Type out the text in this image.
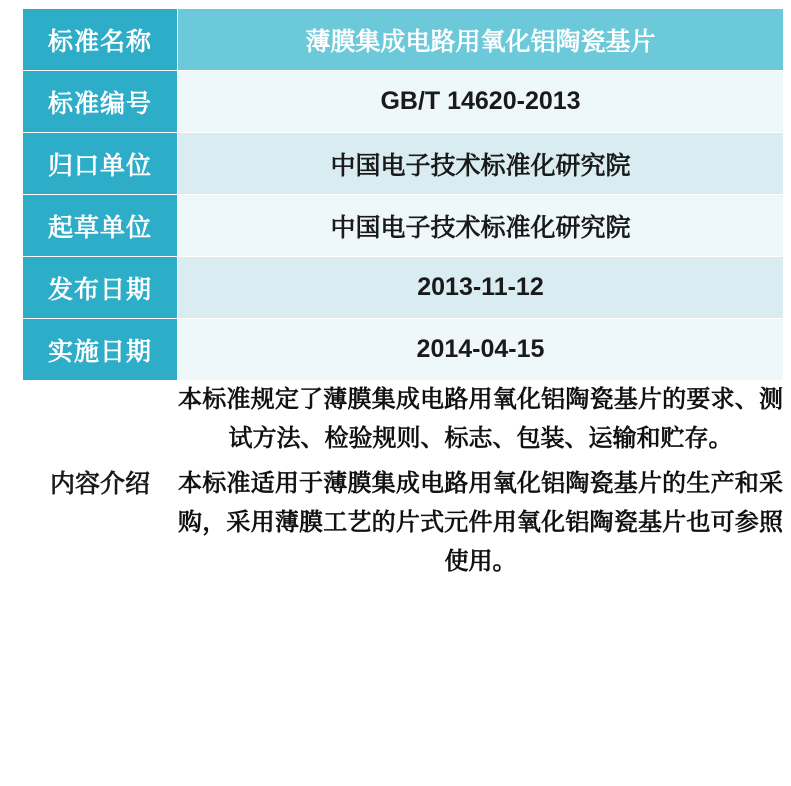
标准名称	薄膜集成电路用氧化铝陶瓷基片
标准编号	GB/T 14620-2013
归口单位	中国电子技术标准化研究院
起草单位	中国电子技术标准化研究院
发布日期	2013-11-12
实施日期	2014-04-15
内容介绍	本标准规定了薄膜集成电路用氧化铝陶瓷基片的要求、测试方法、检验规则、标志、包装、运输和贮存。

本标准适用于薄膜集成电路用氧化铝陶瓷基片的生产和采购，采用薄膜工艺的片式元件用氧化铝陶瓷基片也可参照使用。
